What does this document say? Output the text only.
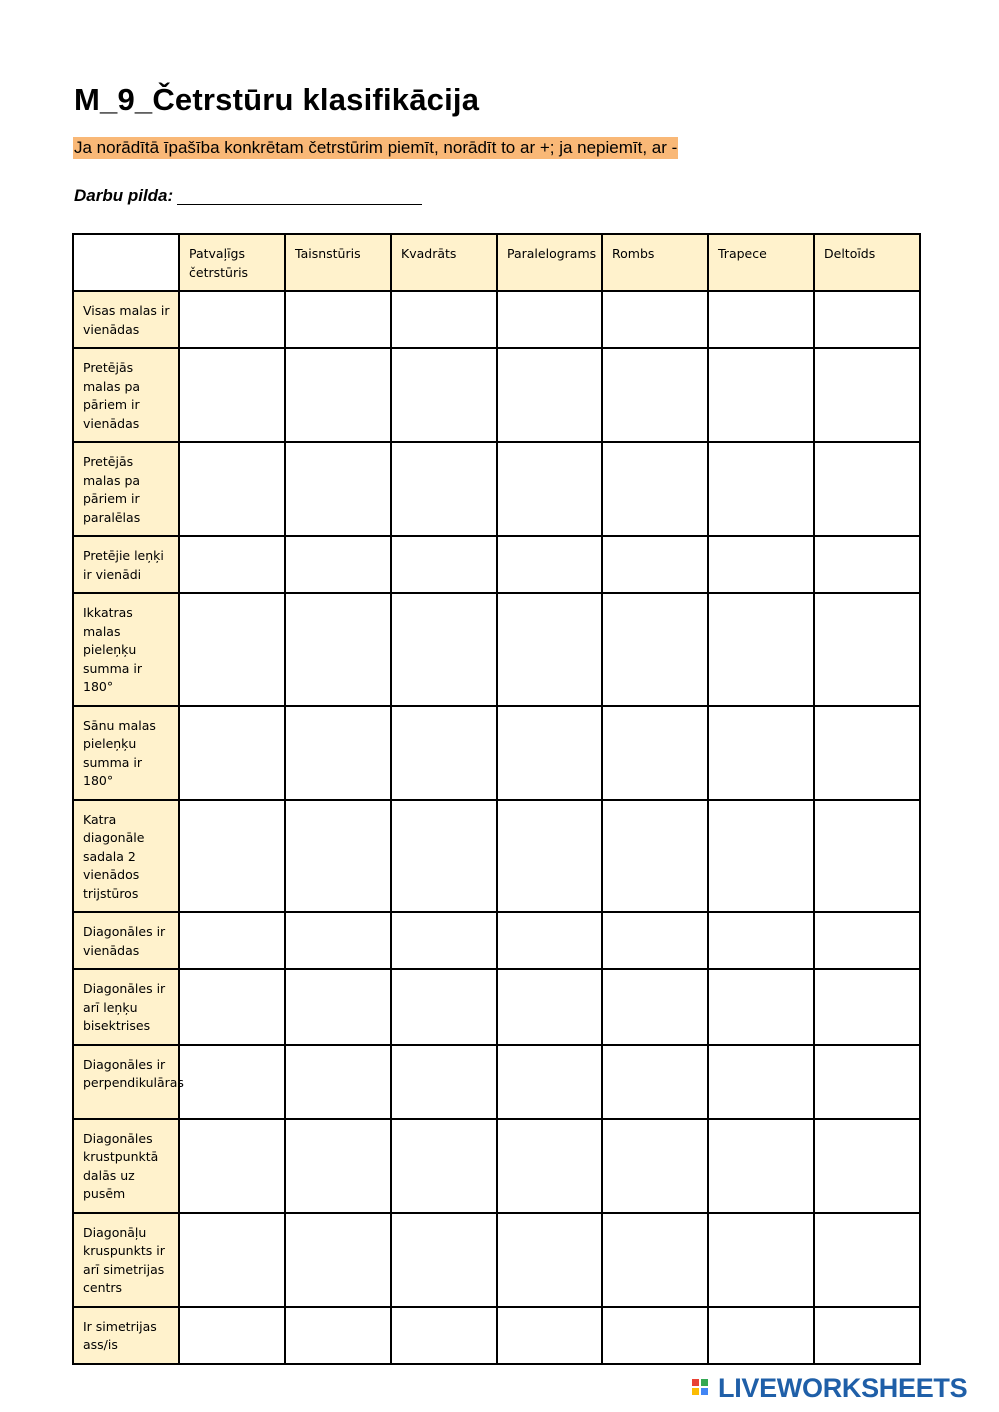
M_9_Četrstūru klasifikācija
Ja norādītā īpašība konkrētam četrstūrim piemīt, norādīt to ar +; ja nepiemīt, ar -
Darbu pilda:
	Patvaļīgs četrstūris	Taisnstūris	Kvadrāts	Paralelograms	Rombs	Trapece	Deltoīds
Visas malas ir vienādas							
Pretējās malas pa pāriem ir vienādas							
Pretējās malas pa pāriem ir paralēlas							
Pretējie leņķi ir vienādi							
Ikkatras malas pieleņķu summa ir 180°							
Sānu malas pieleņķu summa ir 180°							
Katra diagonāle sadala 2 vienādos trijstūros							
Diagonāles ir vienādas							
Diagonāles ir arī leņķu bisektrises							
Diagonāles ir perpendikulāras							
Diagonāles krustpunktā dalās uz pusēm							
Diagonāļu kruspunkts ir arī simetrijas centrs							
Ir simetrijas ass/is							
LIVEWORKSHEETS
